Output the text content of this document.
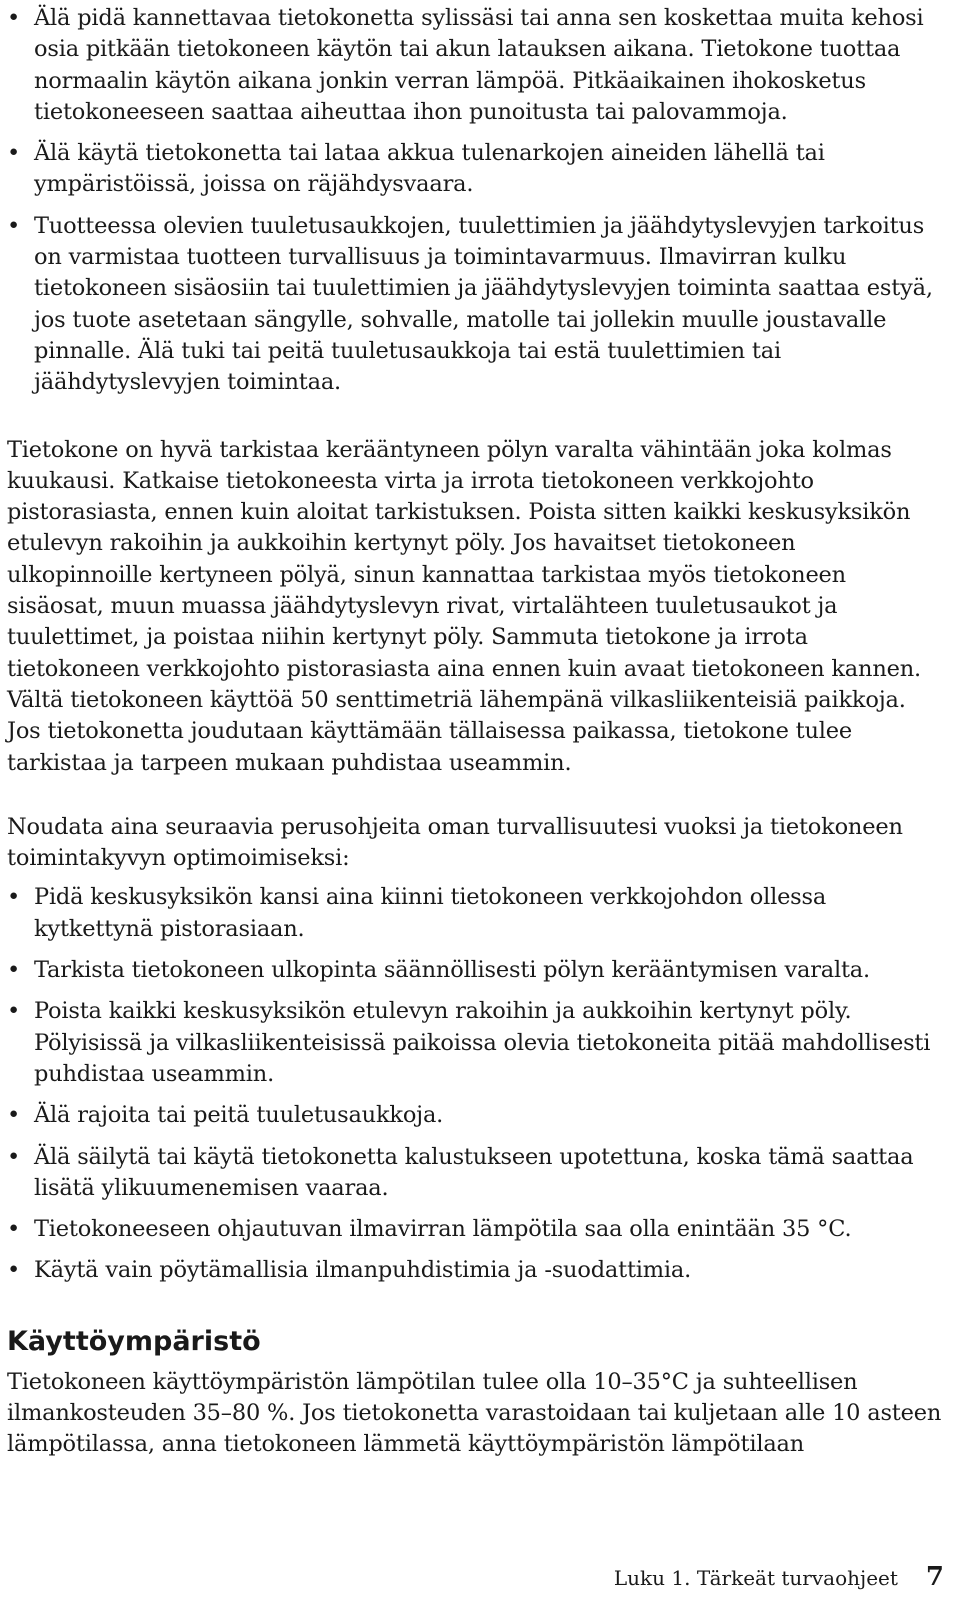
• Älä pidä kannettavaa tietokonetta sylissäsi tai anna sen koskettaa muita kehosi osia pitkään tietokoneen käytön tai akun latauksen aikana. Tietokone tuottaa normaalin käytön aikana jonkin verran lämpöä. Pitkäaikainen ihokosketus tietokoneeseen saattaa aiheuttaa ihon punoitusta tai palovammoja.
• Älä käytä tietokonetta tai lataa akkua tulenarkojen aineiden lähellä tai ympäristöissä, joissa on räjähdysvaara.
• Tuotteessa olevien tuuletusaukkojen, tuulettimien ja jäähdytyslevyjen tarkoitus on varmistaa tuotteen turvallisuus ja toimintavarmuus. Ilmavirran kulku tietokoneen sisäosiin tai tuulettimien ja jäähdytyslevyjen toiminta saattaa estyä, jos tuote asetetaan sängylle, sohvalle, matolle tai jollekin muulle joustavalle pinnalle. Älä tuki tai peitä tuuletusaukkoja tai estä tuulettimien tai jäähdytyslevyjen toimintaa.

Tietokone on hyvä tarkistaa kerääntyneen pölyn varalta vähintään joka kolmas kuukausi. Katkaise tietokoneesta virta ja irrota tietokoneen verkkojohto pistorasiasta, ennen kuin aloitat tarkistuksen. Poista sitten kaikki keskusyksikön etulevyn rakoihin ja aukkoihin kertynyt pöly. Jos havaitset tietokoneen ulkopinnoille kertyneen pölyä, sinun kannattaa tarkistaa myös tietokoneen sisäosat, muun muassa jäähdytyslevyn rivat, virtalähteen tuuletusaukot ja tuulettimet, ja poistaa niihin kertynyt pöly. Sammuta tietokone ja irrota tietokoneen verkkojohto pistorasiasta aina ennen kuin avaat tietokoneen kannen. Vältä tietokoneen käyttöä 50 senttimetriä lähempänä vilkasliikenteisiä paikkoja. Jos tietokonetta joudutaan käyttämään tällaisessa paikassa, tietokone tulee tarkistaa ja tarpeen mukaan puhdistaa useammin.

Noudata aina seuraavia perusohjeita oman turvallisuutesi vuoksi ja tietokoneen toimintakyvyn optimoimiseksi:

• Pidä keskusyksikön kansi aina kiinni tietokoneen verkkojohdon ollessa kytkettynä pistorasiaan.
• Tarkista tietokoneen ulkopinta säännöllisesti pölyn kerääntymisen varalta.
• Poista kaikki keskusyksikön etulevyn rakoihin ja aukkoihin kertynyt pöly. Pölyisissä ja vilkasliikenteisissä paikoissa olevia tietokoneita pitää mahdollisesti puhdistaa useammin.
• Älä rajoita tai peitä tuuletusaukkoja.
• Älä säilytä tai käytä tietokonetta kalustukseen upotettuna, koska tämä saattaa lisätä ylikuumenemisen vaaraa.
• Tietokoneeseen ohjautuvan ilmavirran lämpötila saa olla enintään 35 °C.
• Käytä vain pöytämallisia ilmanpuhdistimia ja -suodattimia.
Käyttöympäristö

Tietokoneen käyttöympäristön lämpötilan tulee olla 10–35°C ja suhteellisen ilmankosteuden 35–80 %. Jos tietokonetta varastoidaan tai kuljetaan alle 10 asteen lämpötilassa, anna tietokoneen lämmetä käyttöympäristön lämpötilaan

Luku 1. Tärkeät turvaohjeet 7
